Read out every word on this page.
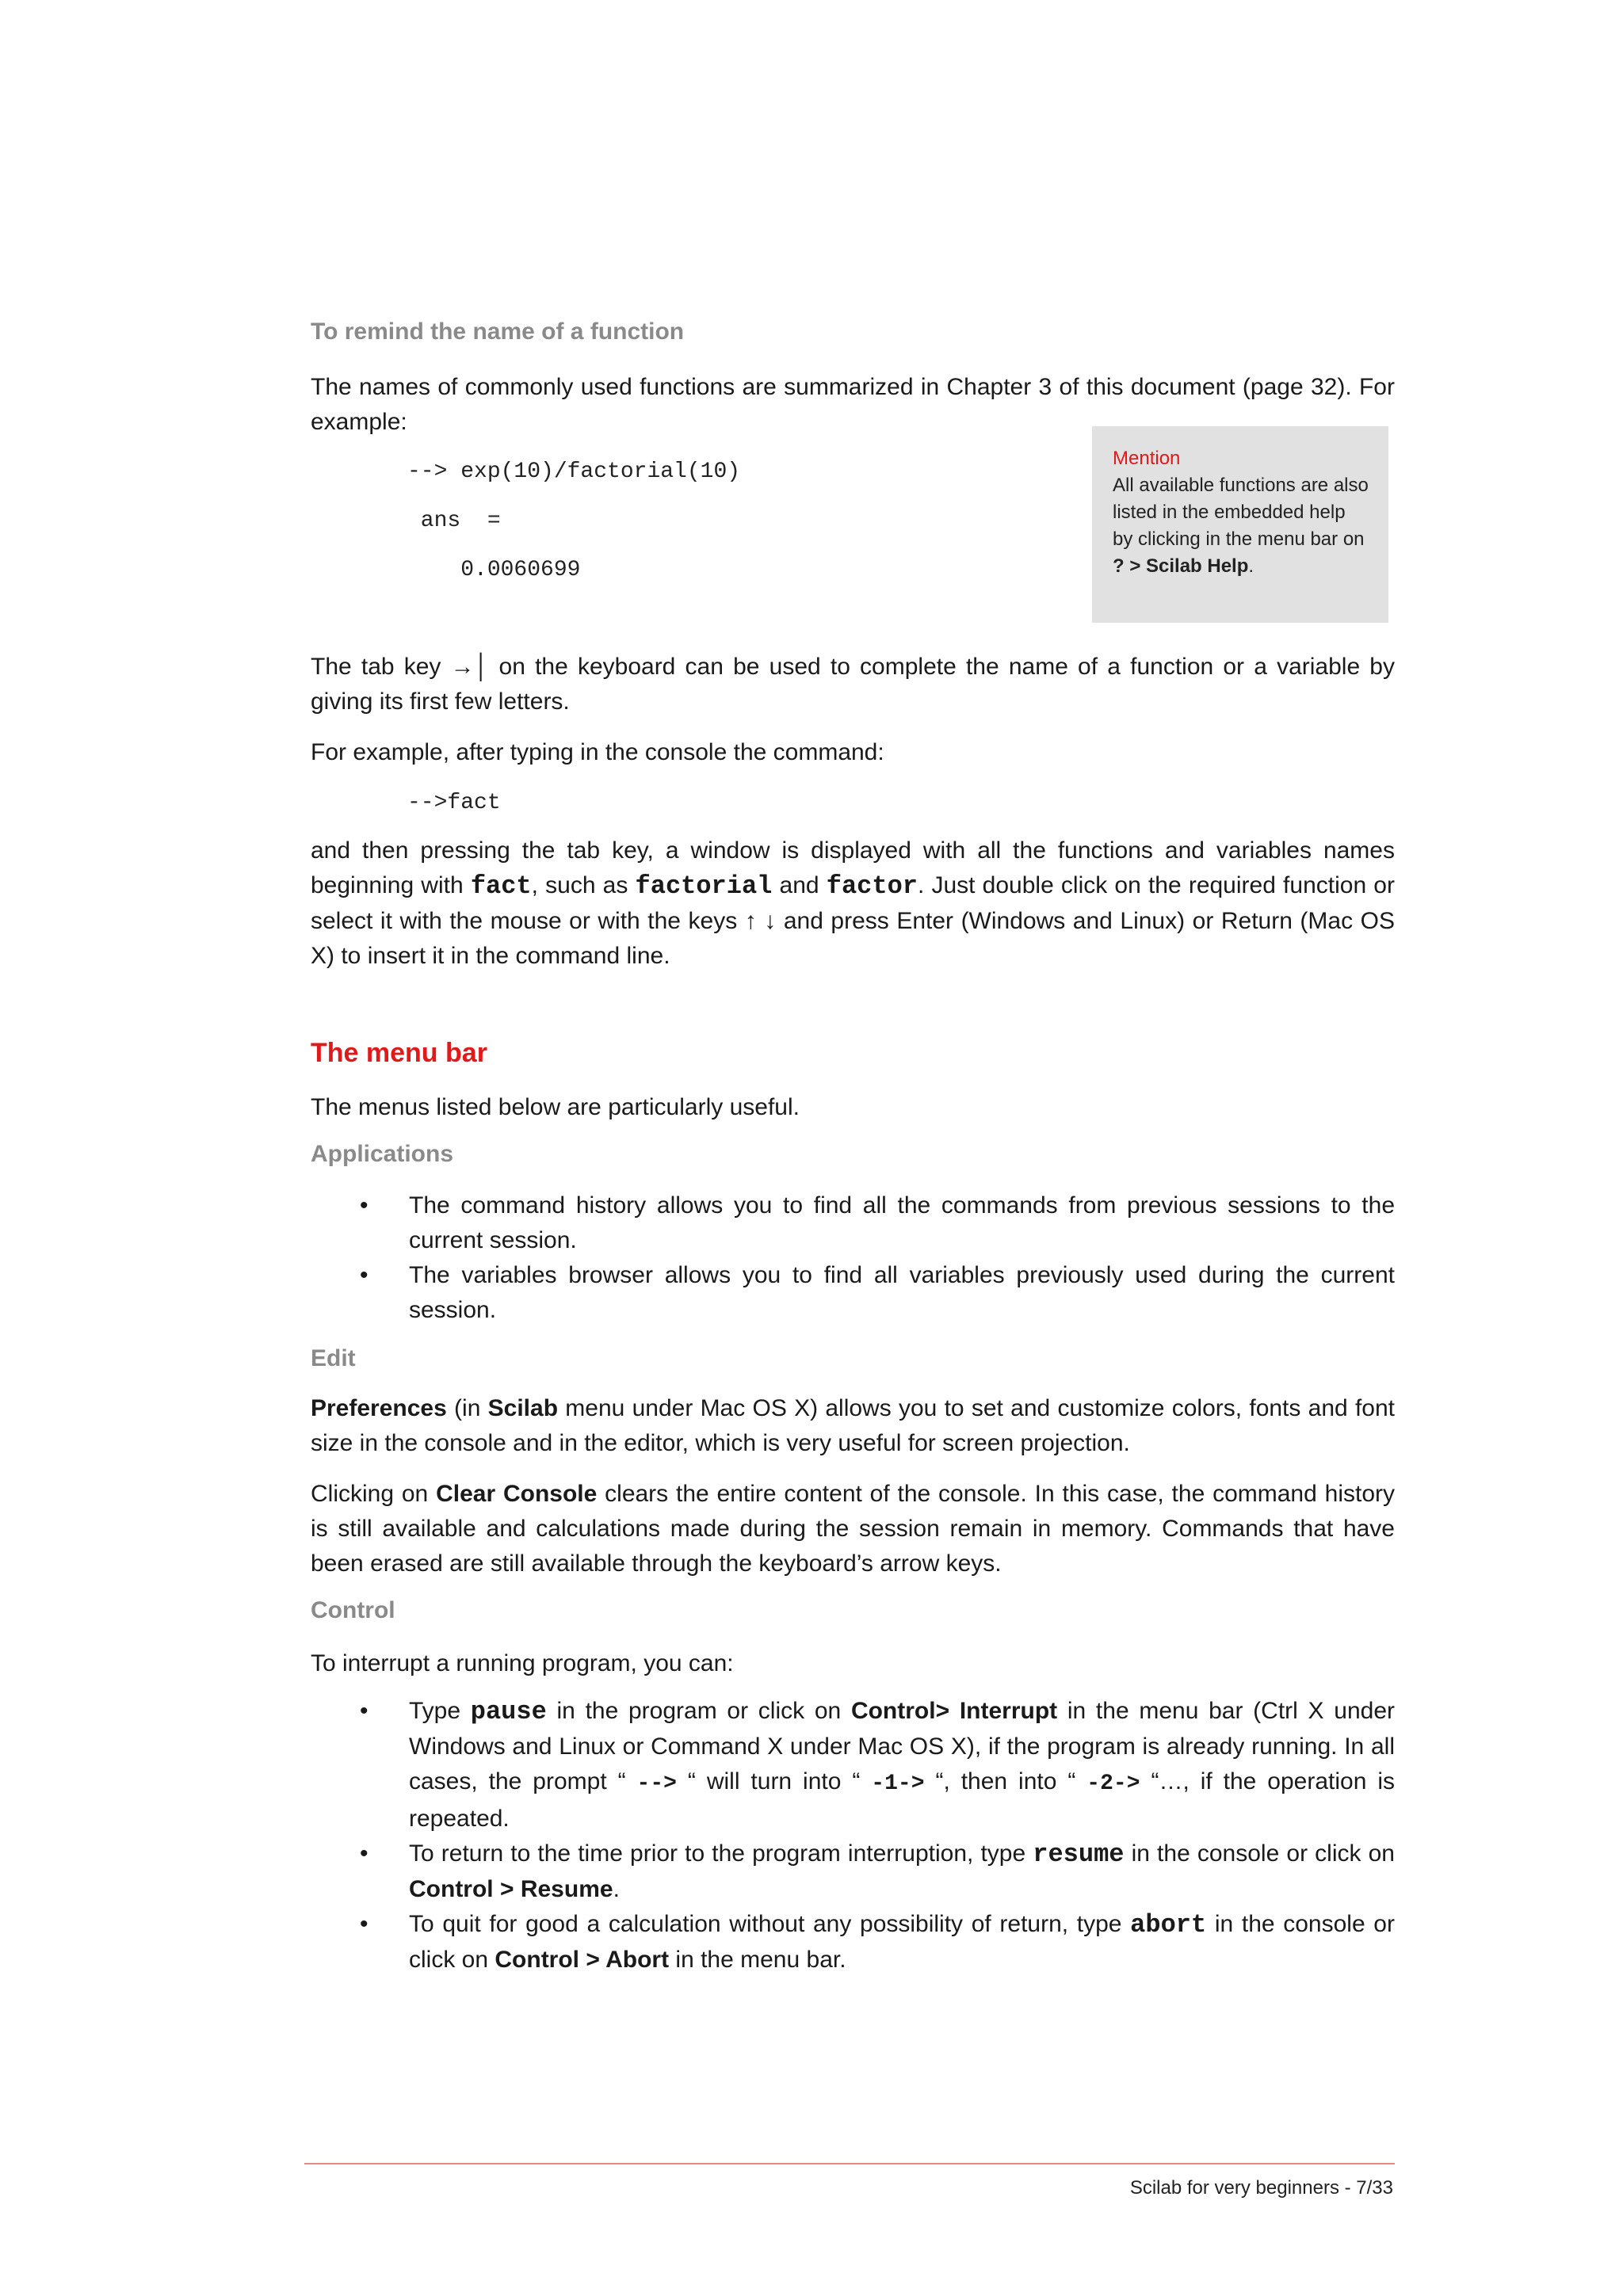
To remind the name of a function
The names of commonly used functions are summarized in Chapter 3 of this document (page 32). For example:
--> exp(10)/factorial(10)
ans  =
0.0060699
Mention
All available functions are also listed in the embedded help by clicking in the menu bar on ? > Scilab Help.
The tab key →│ on the keyboard can be used to complete the name of a function or a variable by giving its first few letters.
For example, after typing in the console the command:
-->fact
and then pressing the tab key, a window is displayed with all the functions and variables names beginning with fact, such as factorial and factor. Just double click on the required function or select it with the mouse or with the keys ↑ ↓ and press Enter (Windows and Linux) or Return (Mac OS X) to insert it in the command line.
The menu bar
The menus listed below are particularly useful.
Applications
• The command history allows you to find all the commands from previous sessions to the current session.
• The variables browser allows you to find all variables previously used during the current session.
Edit
Preferences (in Scilab menu under Mac OS X) allows you to set and customize colors, fonts and font size in the console and in the editor, which is very useful for screen projection.
Clicking on Clear Console clears the entire content of the console. In this case, the command history is still available and calculations made during the session remain in memory. Commands that have been erased are still available through the keyboard’s arrow keys.
Control
To interrupt a running program, you can:
• Type pause in the program or click on Control> Interrupt in the menu bar (Ctrl X under Windows and Linux or Command X under Mac OS X), if the program is already running. In all cases, the prompt “ --> “ will turn into “ -1-> “, then into “ -2-> “…, if the operation is repeated.
• To return to the time prior to the program interruption, type resume in the console or click on Control > Resume.
• To quit for good a calculation without any possibility of return, type abort in the console or click on Control > Abort in the menu bar.
Scilab for very beginners - 7/33
